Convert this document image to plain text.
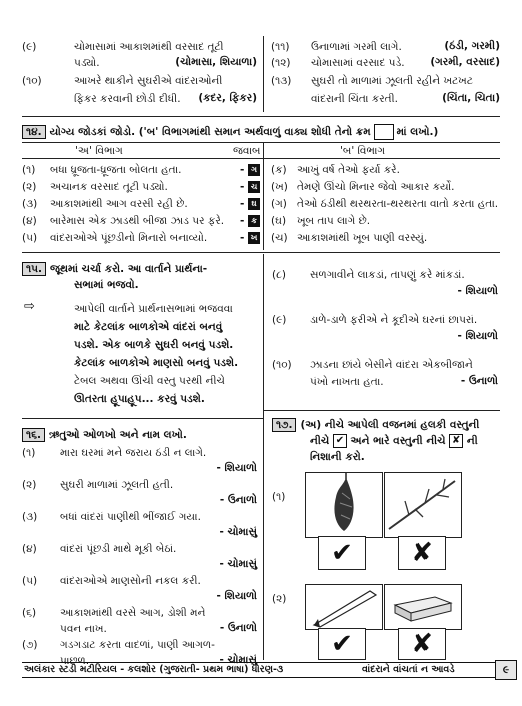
(૯)	ચોમાસામાં આકાશમાંથી વરસાદ તૂટી
પડ્યો.	(ચોમાસા, શિયાળા)
(૧૦)	આખરે થાકીને સુઘરીએ વાંદરાઓની
ફિકર કરવાની છોડી દીધી.	(કદર, ફિકર)
(૧૧) ઉનાળામાં ગરમી લાગે.	(ઠંડી, ગરમી)
(૧૨) ચોમાસામાં વરસાદ પડે.	(ગરમી, વરસાદ)
(૧૩) સુઘરી તો માળામાં ઝૂલતી રહીને ખટખટ
વાંદરાની ચિંતા કરતી.	(ચિંતા, ચિતા)
૧૪. યોગ્ય જોડકાં જોડો. ('બ' વિભાગમાંથી સમાન અર્થવાળું વાક્ય શોધી તેનો ક્રમ માં લખો.)
'અ' વિભાગ	જવાબ	'બ' વિભાગ
(૧) બધા ધ્રૂજતા-ધ્રૂજતા બોલતા હતા.	- ગ (ક) આખું વર્ષ તેઓ ફર્યા કરે.
(૨) અચાનક વરસાદ તૂટી પડ્યો.	- ચ (ખ) તેમણે ઊંચો મિનાર જેવો આકાર કર્યો.
(૩) આકાશમાંથી આગ વરસી રહી છે.	- ઘ	(ગ) તેઓ ઠંડીથી થરથરતા-થરથરતા વાતો કરતા હતા.
(૪) બારેમાસ એક ઝાડથી બીજા ઝાડ પર ફરે. - ક	(ઘ) ખૂબ તાપ લાગે છે.
(૫) વાંદરાઓએ પૂંછડીનો મિનારો બનાવ્યો.	- ખ (ચ) આકાશમાંથી ખૂબ પાણી વરસ્યું.
૧૫. જૂથમાં ચર્ચા કરો. આ વાર્તાને પ્રાર્થના-
સભામાં ભજવો.
⇨	આપેલી વાર્તાને પ્રાર્થનાસભામાં ભજવવા
માટે કેટલાંક બાળકોએ વાંદરાં બનવું
પડશે. એક બાળકે સુઘરી બનવું પડશે.
કેટલાંક બાળકોએ માણસો બનવું પડશે.
ટેબલ અથવા ઊંચી વસ્તુ પરથી નીચે
ઊતરતા હૂપાહૂપ... કરવું પડશે.
૧૬. ઋતુઓ ઓળખો અને નામ લખો.
(૧) મારા ઘરમાં મને જરાય ઠંડી ન લાગે.
- શિયાળો
(૨) સુઘરી માળામાં ઝૂલતી હતી.
- ઉનાળો
(૩) બધાં વાંદરાં પાણીથી ભીંજાઈ ગયા.
- ચોમાસું
(૪) વાંદરાં પૂંછડી માથે મૂકી બેઠાં.
- ચોમાસું
(૫) વાંદરાઓએ માણસોની નકલ કરી.
- શિયાળો
(૬) આકાશમાંથી વરસે આગ, ડોશી મને
પવન નાખ.	- ઉનાળો
(૭) ગડગડાટ કરતા વાદળાં, પાણી આગળ-
પાછળ.	- ચોમાસું
(૮) સળગાવીને લાકડાં, તાપણું કરે માંકડાં.
- શિયાળો
(૯) ડાળે-ડાળે ફરીએ ને કૂદીએ ઘરનાં છાપરાં.
- શિયાળો
(૧૦) ઝાડના છાંયે બેસીને વાંદરા એકબીજાને
પંખો નાખતા હતા.	- ઉનાળો
૧૭. (અ) નીચે આપેલી વજનમાં હલકી વસ્તુની
નીચે ✔ અને ભારે વસ્તુની નીચે ✘ ની
નિશાની કરો.
(૧)
✔ ✘
(૨)
✔ ✘
અલંકાર સ્ટડી મટીરિયલ - કલશોર (ગુજરાતી- પ્રથમ ભાષા) ધોરણ-૩	વાંદરાને વાંચતાં ન આવડે	૯
